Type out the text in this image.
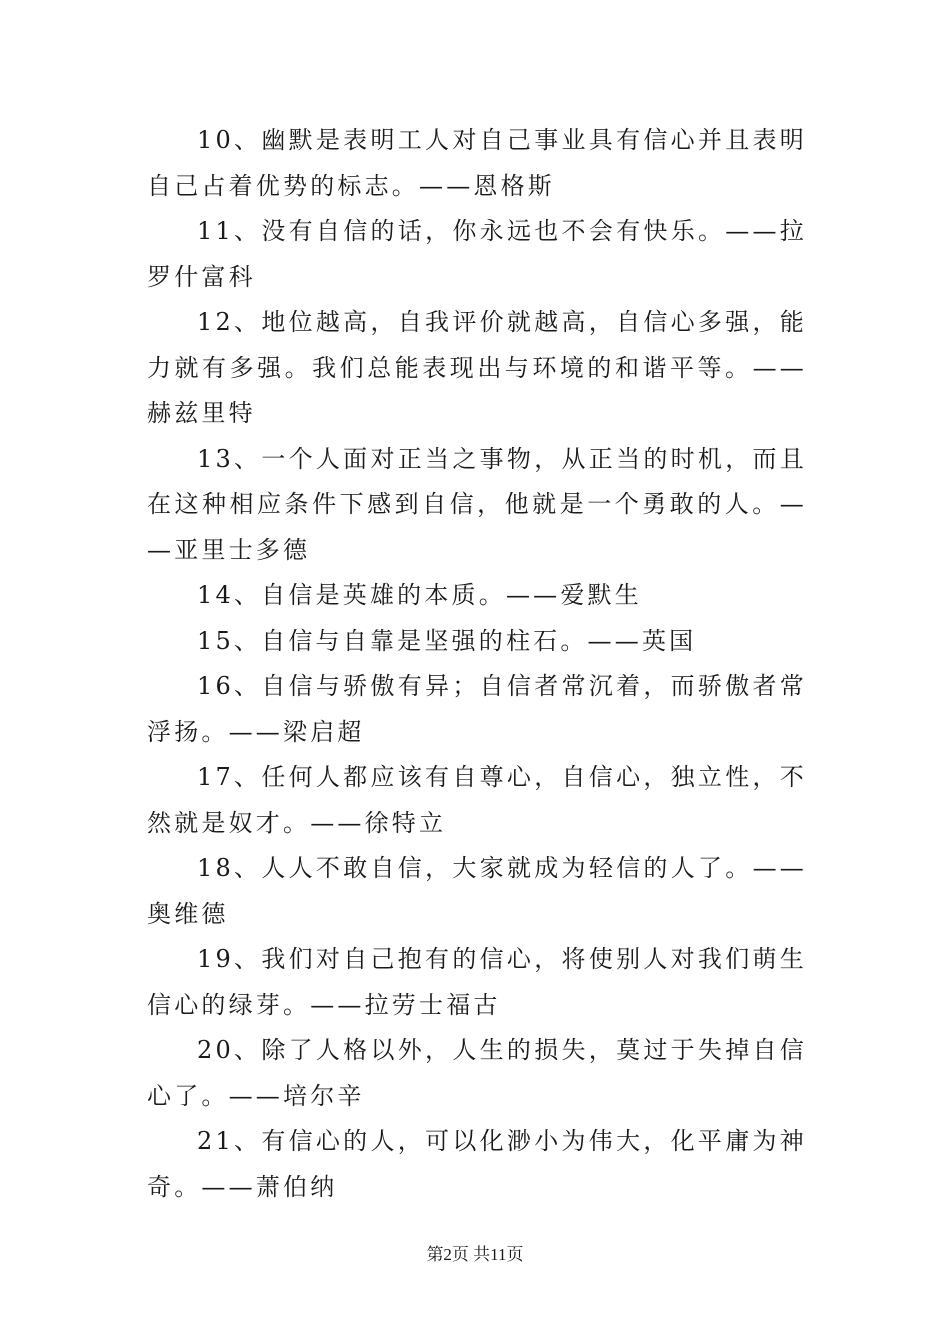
10、幽默是表明工人对自己事业具有信心并且表明自己占着优势的标志。——恩格斯

11、没有自信的话，你永远也不会有快乐。——拉罗什富科

12、地位越高，自我评价就越高，自信心多强，能力就有多强。我们总能表现出与环境的和谐平等。——赫兹里特

13、一个人面对正当之事物，从正当的时机，而且在这种相应条件下感到自信，他就是一个勇敢的人。——亚里士多德

14、自信是英雄的本质。——爱默生

15、自信与自靠是坚强的柱石。——英国

16、自信与骄傲有异；自信者常沉着，而骄傲者常浮扬。——梁启超

17、任何人都应该有自尊心，自信心，独立性，不然就是奴才。——徐特立

18、人人不敢自信，大家就成为轻信的人了。——奥维德

19、我们对自己抱有的信心，将使别人对我们萌生信心的绿芽。——拉劳士福古

20、除了人格以外，人生的损失，莫过于失掉自信心了。——培尔辛

21、有信心的人，可以化渺小为伟大，化平庸为神奇。——萧伯纳

第2页 共11页
